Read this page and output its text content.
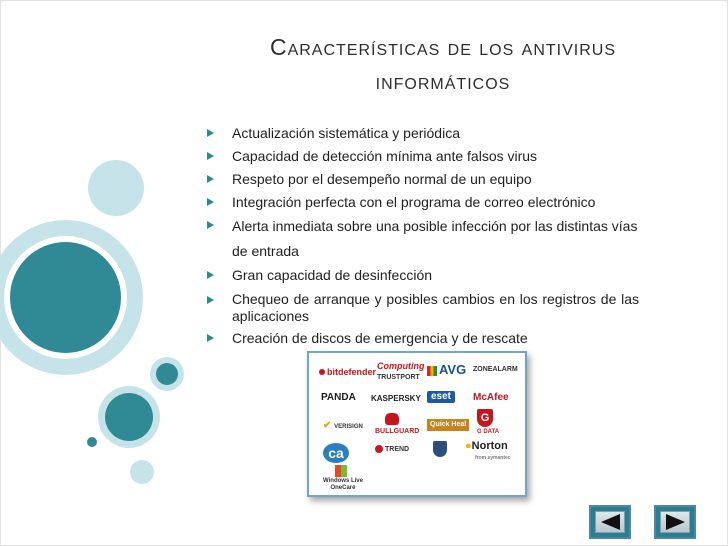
Características de los antivirus
informáticos
Actualización sistemática y periódica
Capacidad de detección mínima ante falsos virus
Respeto por el desempeño normal de un equipo
Integración perfecta con el programa de correo electrónico
Alerta inmediata sobre una posible infección por las distintas vías de entrada
Gran capacidad de desinfección
Chequeo de arranque y posibles cambios en los registros de las aplicaciones
Creación de discos de emergencia y de rescate
bitdefender
Computing
TRUSTPORT
AVG ZONEALARM
PANDA KASPERSKY	eset	McAfee
✔ VERISIGN
BULLGUARD
Quick Heal
G
G DATA
ca	TREND	●Norton
from symantec
Windows Live
OneCare
